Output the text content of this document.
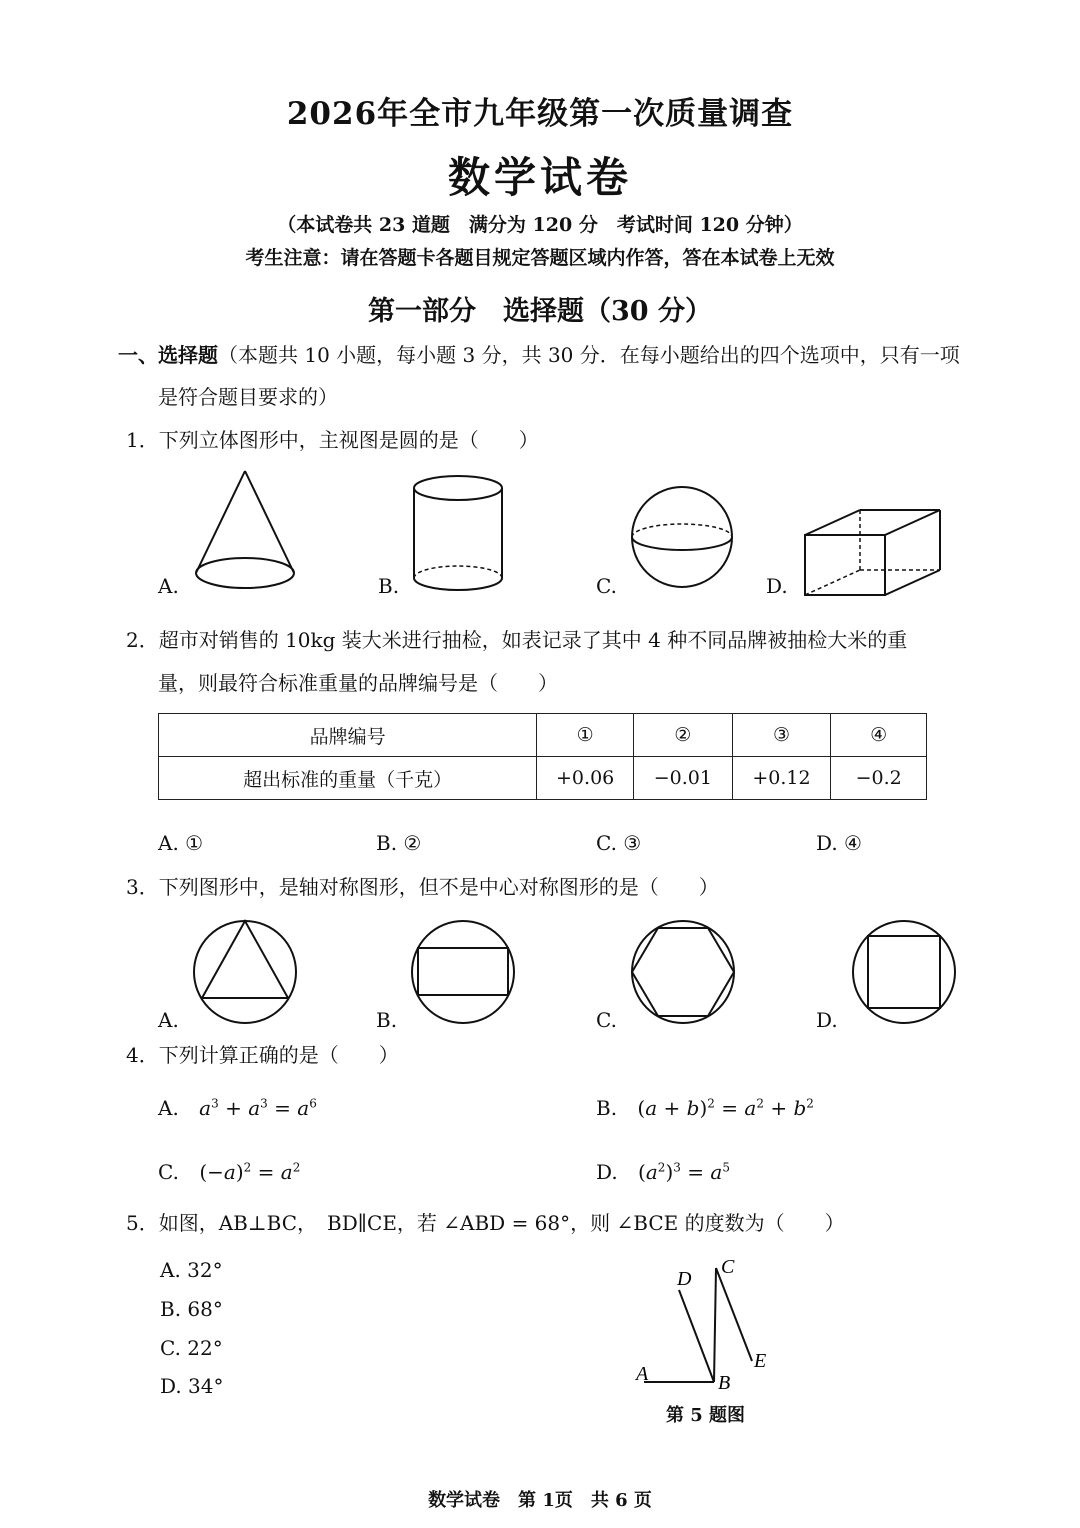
2026年全市九年级第一次质量调查
数学试卷
（本试卷共 23 道题　满分为 120 分　考试时间 120 分钟）
考生注意：请在答题卡各题目规定答题区域内作答，答在本试卷上无效
第一部分　选择题（30 分）
一、选择题（本题共 10 小题，每小题 3 分，共 30 分．在每小题给出的四个选项中，只有一项
是符合题目要求的）
1．下列立体图形中，主视图是圆的是（　　）
A.	B.	C.	D.
2．超市对销售的 10kg 装大米进行抽检，如表记录了其中 4 种不同品牌被抽检大米的重
量，则最符合标准重量的品牌编号是（　　）
品牌编号	①	②	③	④
超出标准的重量（千克）	+0.06	−0.01	+0.12	−0.2
A. ①	B. ②	C. ③	D. ④
3．下列图形中，是轴对称图形，但不是中心对称图形的是（　　）
A.	B.	C.	D.
4．下列计算正确的是（　　）
A. $a^3 + a^3 = a^6$	B. $(a + b)^2 = a^2 + b^2$
C. $(-a)^2 = a^2$	D. $(a^2)^3 = a^5$
5．如图，AB⊥BC，　BD∥CE，若 ∠ABD = 68°，则 ∠BCE 的度数为（　　）
A. 32°
B. 68°
C. 22°
D. 34°	A	B
C
D
E
第 5 题图
数学试卷　第 1页　共 6 页
